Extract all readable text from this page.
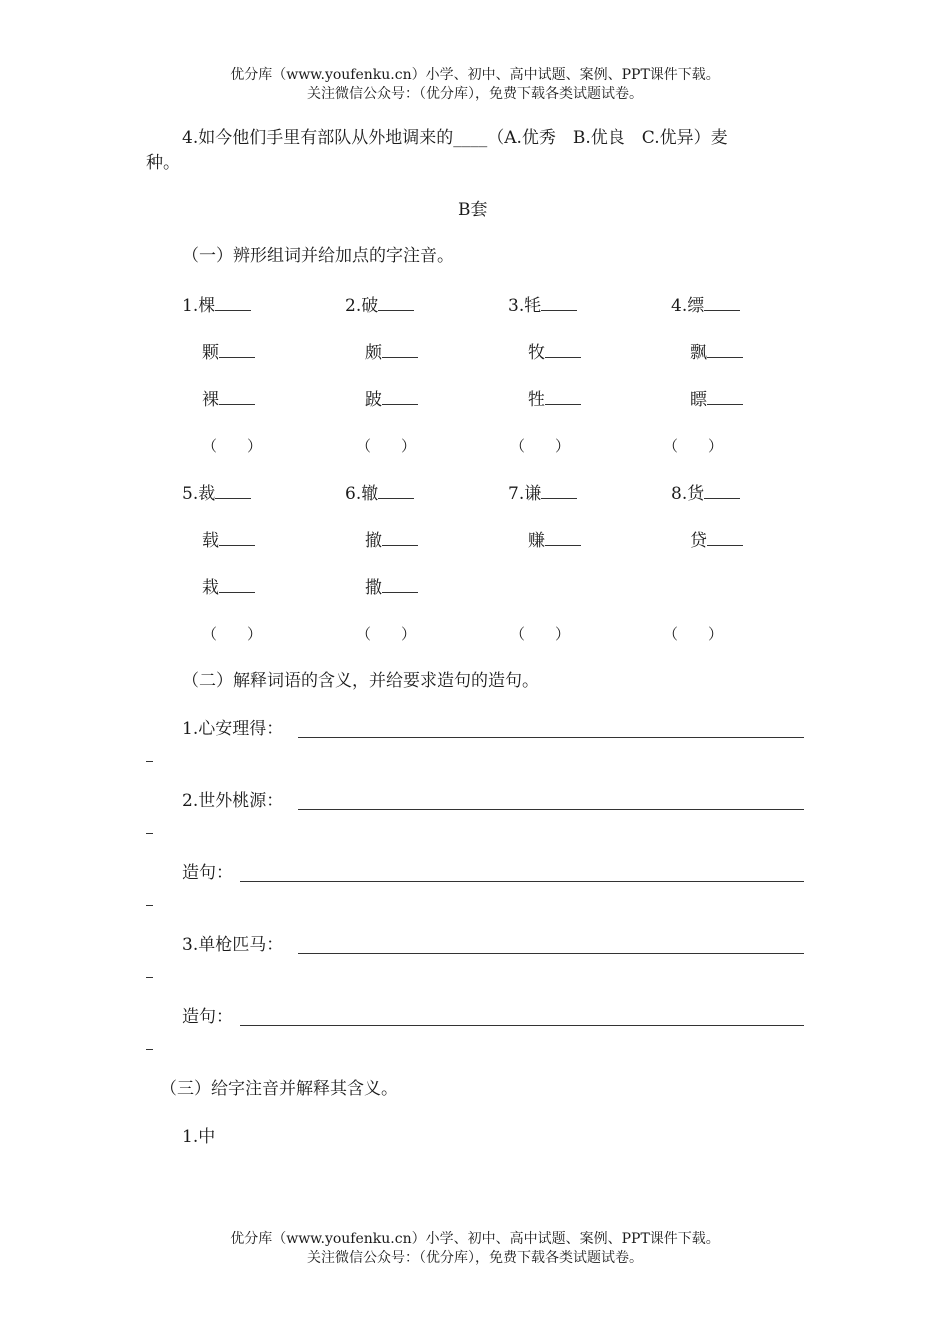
优分库（www.youfenku.cn）小学、初中、高中试题、案例、PPT课件下载。
关注微信公众号：（优分库），免费下载各类试题试卷。
4.如今他们手里有部队从外地调来的____（A.优秀　B.优良　C.优异）麦
种。
B套
（一）辨形组词并给加点的字注音。
1.棵
颗
裸
（　　）
2.破
颇
跛
（　　）
3.牦
牧
牲
（　　）
4.缥
飘
瞟
（　　）
5.裁
载
栽
（　　）
6.辙
撤
撒
（　　）
7.谦
赚
（　　）
8.货
贷
（　　）
（二）解释词语的含义，并给要求造句的造句。
1.心安理得：
2.世外桃源：
造句：
3.单枪匹马：
造句：
（三）给字注音并解释其含义。
1.中
优分库（www.youfenku.cn）小学、初中、高中试题、案例、PPT课件下载。
关注微信公众号：（优分库），免费下载各类试题试卷。
